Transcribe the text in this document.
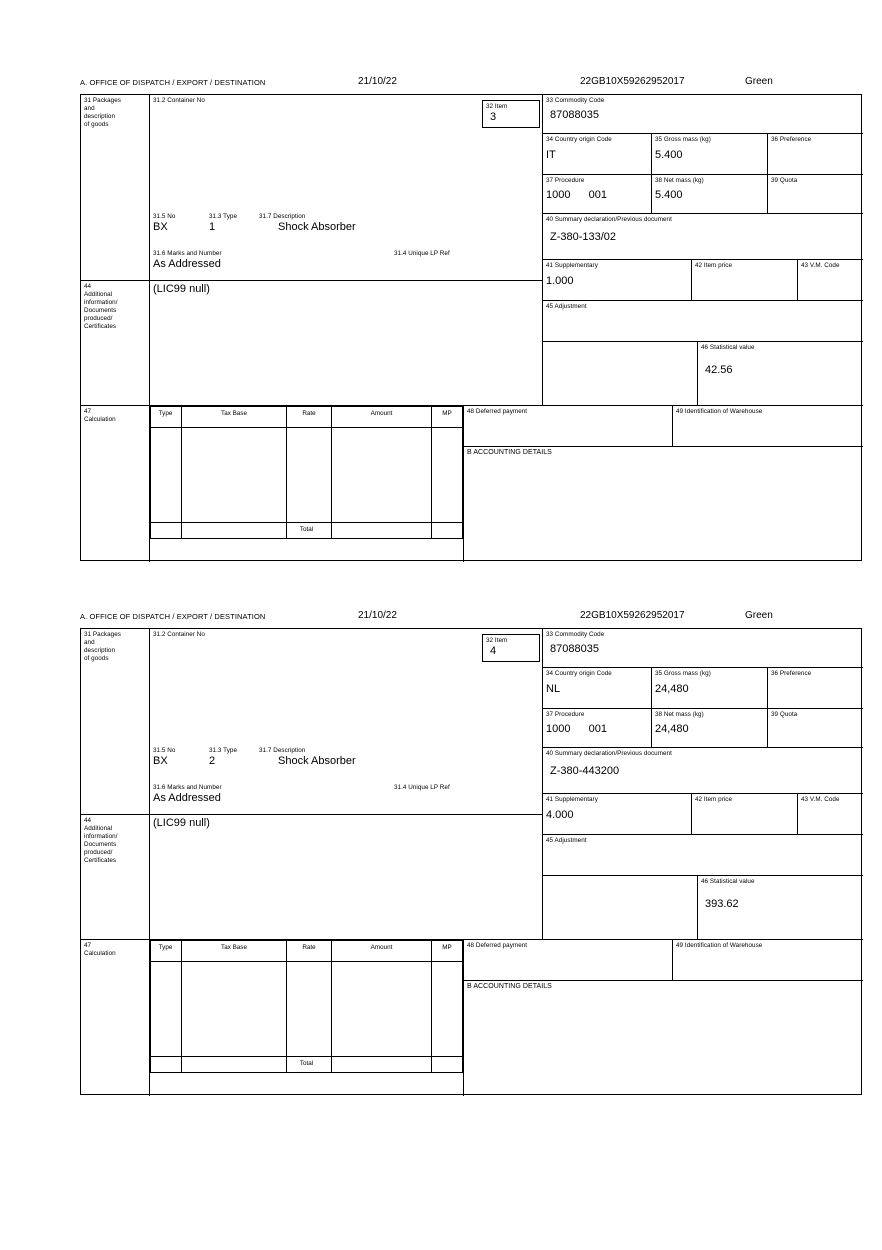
A. OFFICE OF DISPATCH / EXPORT / DESTINATION	21/10/22	22GB10X59262952017	Green
31 Packages
and
description
of goods
31.2 Container No
32 Item
3
31.5 No
BX
31.3 Type
1
31.7 Description
Shock Absorber
31.6 Marks and Number
As Addressed
31.4 Unique LP Ref
33 Commodity Code
87088035
34 Country origin Code
IT
35 Gross mass (kg)
5.400
36 Preference
37 Procedure
1000 001
38 Net mass (kg)
5.400
39 Quota
40 Summary declaration/Previous document
Z-380-133/02
41 Supplementary
1.000
42 Item price	43 V.M. Code
45 Adjustment
46 Statistical value
42.56
44
Additional
information/
Documents
produced/
Certificates
(LIC99 null)
47
Calculation
Type	Tax Base	Rate	Amount	MP
Total
48 Deferred payment	49 Identification of Warehouse
B ACCOUNTING DETAILS
A. OFFICE OF DISPATCH / EXPORT / DESTINATION	21/10/22	22GB10X59262952017	Green
31 Packages
and
description
of goods
31.2 Container No
32 Item
4
31.5 No
BX
31.3 Type
2
31.7 Description
Shock Absorber
31.6 Marks and Number
As Addressed
31.4 Unique LP Ref
33 Commodity Code
87088035
34 Country origin Code
NL
35 Gross mass (kg)
24,480
36 Preference
37 Procedure
1000 001
38 Net mass (kg)
24,480
39 Quota
40 Summary declaration/Previous document
Z-380-443200
41 Supplementary
4.000
42 Item price	43 V.M. Code
45 Adjustment
46 Statistical value
393.62
44
Additional
information/
Documents
produced/
Certificates
(LIC99 null)
47
Calculation
Type	Tax Base	Rate	Amount	MP
Total
48 Deferred payment	49 Identification of Warehouse
B ACCOUNTING DETAILS
